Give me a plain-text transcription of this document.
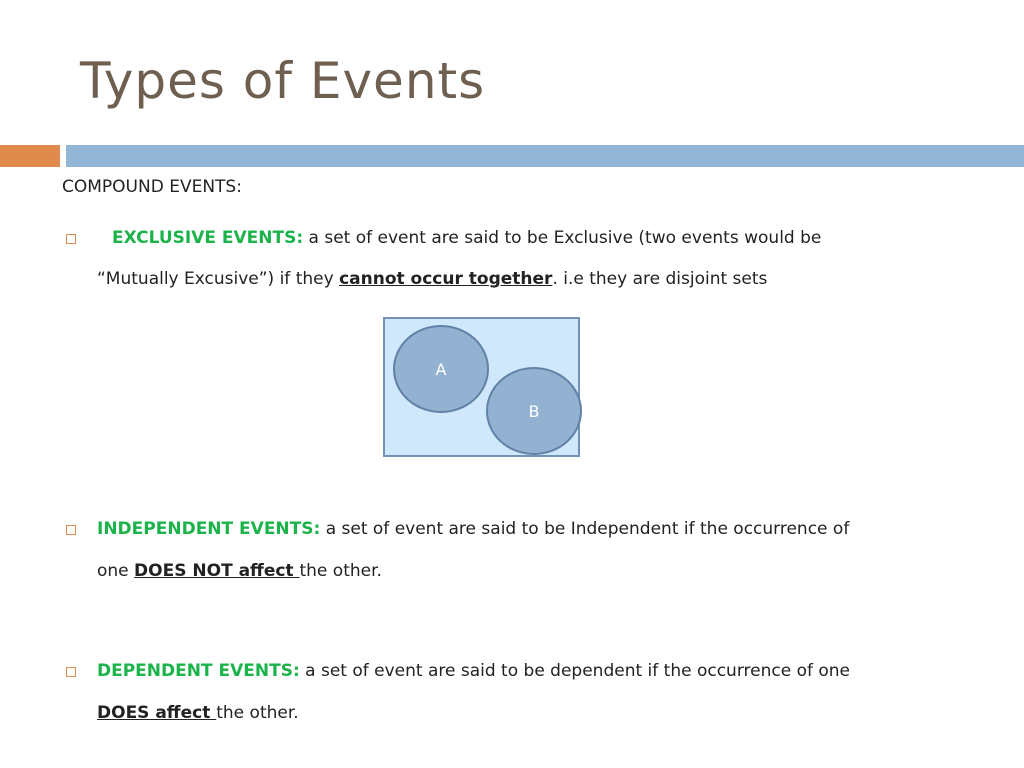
Types of Events
COMPOUND EVENTS:
EXCLUSIVE EVENTS: a set of event are said to be Exclusive (two events would be
“Mutually Excusive”) if they cannot occur together. i.e they are disjoint sets
A
B
INDEPENDENT EVENTS: a set of event are said to be Independent if the occurrence of
one DOES NOT affect the other.
DEPENDENT EVENTS: a set of event are said to be dependent if the occurrence of one
DOES affect the other.
